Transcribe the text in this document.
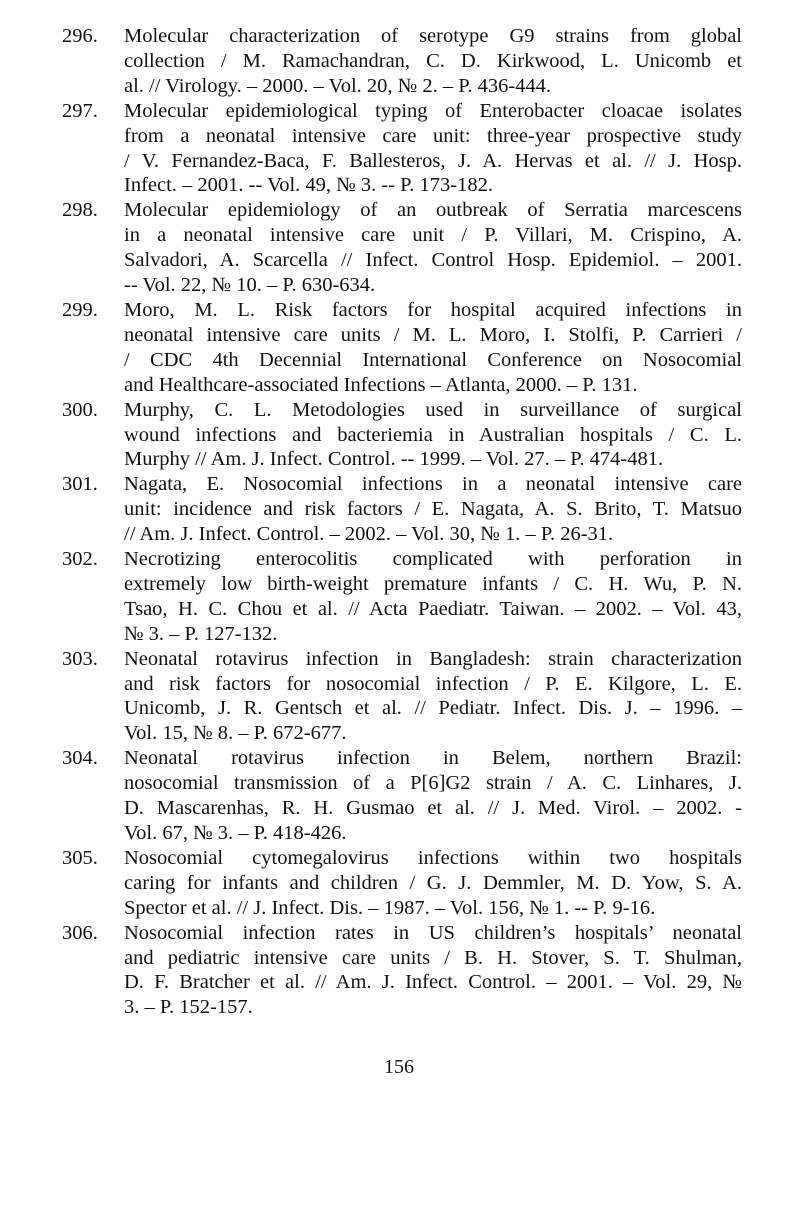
296.	Molecular characterization of serotype G9 strains from global
collection / M. Ramachandran, C. D. Kirkwood, L. Unicomb et
al. // Virology. – 2000. – Vol. 20, № 2. – P. 436-444.
297.	Molecular epidemiological typing of Enterobacter cloacae isolates
from a neonatal intensive care unit: three-year prospective study
/ V. Fernandez-Baca, F. Ballesteros, J. A. Hervas et al. // J. Hosp.
Infect. – 2001. -- Vol. 49, № 3. -- P. 173-182.
298.	Molecular epidemiology of an outbreak of Serratia marcescens
in a neonatal intensive care unit / P. Villari, M. Crispino, A.
Salvadori, A. Scarcella // Infect. Control Hosp. Epidemiol. – 2001.
-- Vol. 22, № 10. – P. 630-634.
299.	Moro, M. L. Risk factors for hospital acquired infections in
neonatal intensive care units / M. L. Moro, I. Stolfi, P. Carrieri /
/ CDC 4th Decennial International Conference on Nosocomial
and Healthcare-associated Infections – Atlanta, 2000. – P. 131.
300.	Murphy, C. L. Metodologies used in surveillance of surgical
wound infections and bacteriemia in Australian hospitals / C. L.
Murphy // Am. J. Infect. Control. -- 1999. – Vol. 27. – P. 474-481.
301.	Nagata, E. Nosocomial infections in a neonatal intensive care
unit: incidence and risk factors / E. Nagata, A. S. Brito, T. Matsuo
// Am. J. Infect. Control. – 2002. – Vol. 30, № 1. – P. 26-31.
302.	Necrotizing enterocolitis complicated with perforation in
extremely low birth-weight premature infants / C. H. Wu, P. N.
Tsao, H. C. Chou et al. // Acta Paediatr. Taiwan. – 2002. – Vol. 43,
№ 3. – P. 127-132.
303.	Neonatal rotavirus infection in Bangladesh: strain characterization
and risk factors for nosocomial infection / P. E. Kilgore, L. E.
Unicomb, J. R. Gentsch et al. // Pediatr. Infect. Dis. J. – 1996. –
Vol. 15, № 8. – P. 672-677.
304.	Neonatal rotavirus infection in Belem, northern Brazil:
nosocomial transmission of a P[6]G2 strain / A. C. Linhares, J.
D. Mascarenhas, R. H. Gusmao et al. // J. Med. Virol. – 2002. -
Vol. 67, № 3. – P. 418-426.
305.	Nosocomial cytomegalovirus infections within two hospitals
caring for infants and children / G. J. Demmler, M. D. Yow, S. A.
Spector et al. // J. Infect. Dis. – 1987. – Vol. 156, № 1. -- P. 9-16.
306.	Nosocomial infection rates in US children’s hospitals’ neonatal
and pediatric intensive care units / B. H. Stover, S. T. Shulman,
D. F. Bratcher et al. // Am. J. Infect. Control. – 2001. – Vol. 29, №
3. – P. 152-157.
156
